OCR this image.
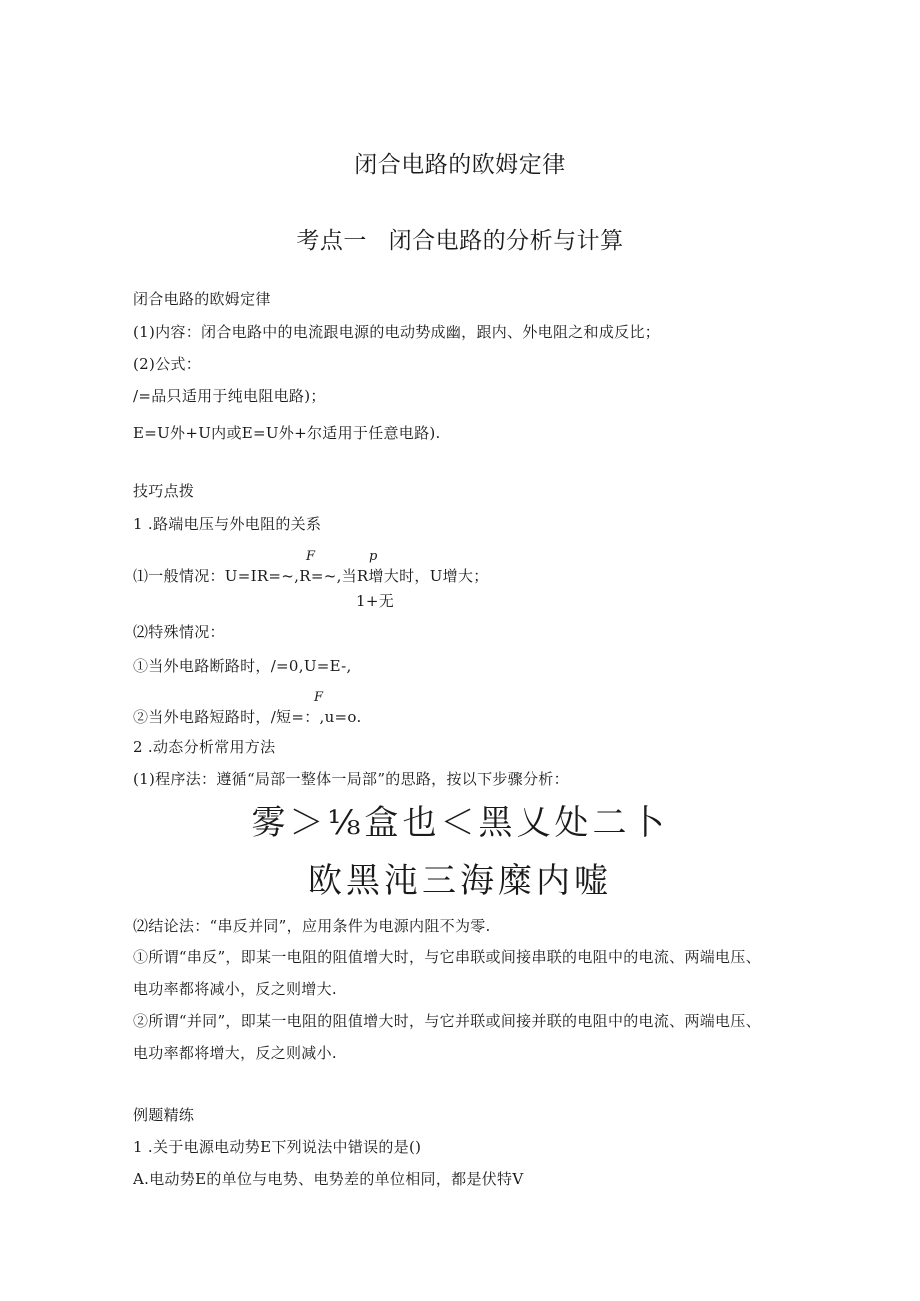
闭合电路的欧姆定律
考点一 闭合电路的分析与计算
闭合电路的欧姆定律
(1)内容：闭合电路中的电流跟电源的电动势成幽，跟内、外电阻之和成反比；
(2)公式：
/=品只适用于纯电阻电路)；
E=U外+U内或E=U外+尔适用于任意电路).
技巧点拨
1 .路端电压与外电阻的关系
F	p
⑴一般情况：U=IR=~,R=~,当R增大时，U增大；
1+无
⑵特殊情况：
①当外电路断路时，/=0,U=E-,
F
②当外电路短路时，/短=：,u=o.
2 .动态分析常用方法
(1)程序法：遵循“局部一整体一局部”的思路，按以下步骤分析：
雾＞⅛盒也＜黑乂处二卜
欧黑沌三海糜内嘘
⑵结论法：“串反并同”，应用条件为电源内阻不为零.
①所谓“串反”，即某一电阻的阻值增大时，与它串联或间接串联的电阻中的电流、两端电压、
电功率都将减小，反之则增大.
②所谓“并同”，即某一电阻的阻值增大时，与它并联或间接并联的电阻中的电流、两端电压、
电功率都将增大，反之则减小.
例题精练
1 .关于电源电动势E下列说法中错误的是()
A.电动势E的单位与电势、电势差的单位相同，都是伏特V
